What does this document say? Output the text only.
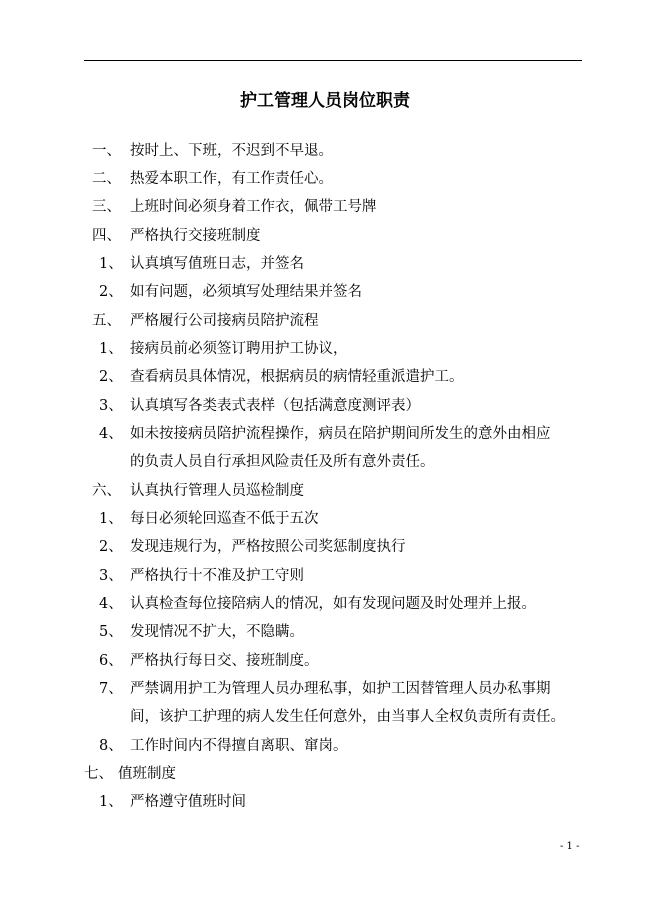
护工管理人员岗位职责
一、 按时上、下班，不迟到不早退。
二、 热爱本职工作，有工作责任心。
三、 上班时间必须身着工作衣，佩带工号牌
四、 严格执行交接班制度
1、 认真填写值班日志，并签名
2、 如有问题，必须填写处理结果并签名
五、 严格履行公司接病员陪护流程
1、 接病员前必须签订聘用护工协议，
2、 查看病员具体情况，根据病员的病情轻重派遣护工。
3、 认真填写各类表式表样（包括满意度测评表）
4、 如未按接病员陪护流程操作，病员在陪护期间所发生的意外由相应
的负责人员自行承担风险责任及所有意外责任。
六、 认真执行管理人员巡检制度
1、 每日必须轮回巡查不低于五次
2、 发现违规行为，严格按照公司奖惩制度执行
3、 严格执行十不准及护工守则
4、 认真检查每位接陪病人的情况，如有发现问题及时处理并上报。
5、 发现情况不扩大，不隐瞒。
6、 严格执行每日交、接班制度。
7、 严禁调用护工为管理人员办理私事，如护工因替管理人员办私事期
间，该护工护理的病人发生任何意外，由当事人全权负责所有责任。
8、 工作时间内不得擅自离职、窜岗。
七、 值班制度
1、 严格遵守值班时间
- 1 -
